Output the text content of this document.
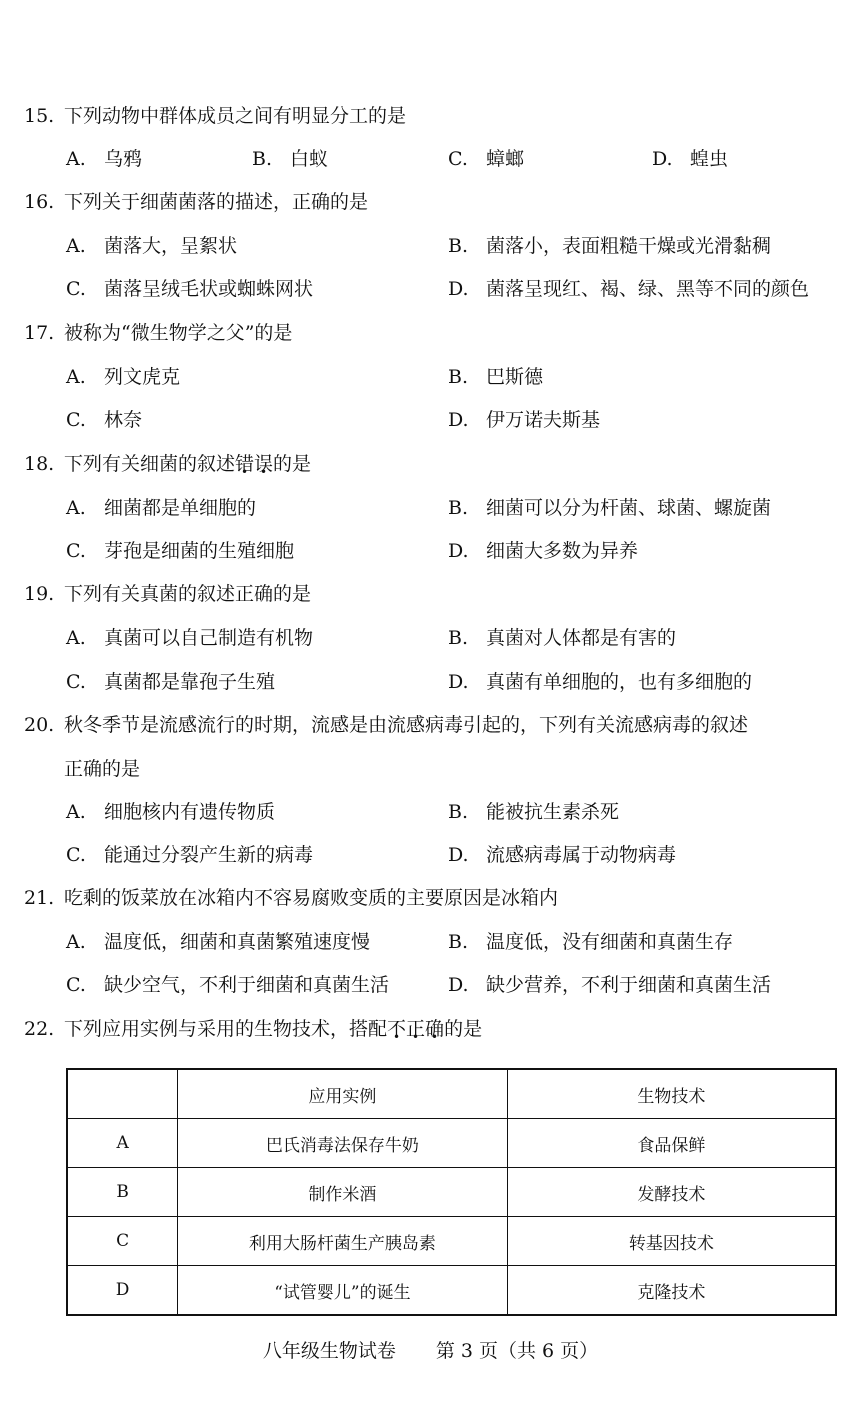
15. 下列动物中群体成员之间有明显分工的是
A. 乌鸦	B. 白蚁	C. 蟑螂	D. 蝗虫
16. 下列关于细菌菌落的描述，正确的是
A. 菌落大，呈絮状	B. 菌落小，表面粗糙干燥或光滑黏稠
C. 菌落呈绒毛状或蜘蛛网状	D. 菌落呈现红、褐、绿、黑等不同的颜色
17. 被称为“微生物学之父”的是
A. 列文虎克	B. 巴斯德
C. 林奈	D. 伊万诺夫斯基
18. 下列有关细菌的叙述错误的是
A. 细菌都是单细胞的	B. 细菌可以分为杆菌、球菌、螺旋菌
C. 芽孢是细菌的生殖细胞	D. 细菌大多数为异养
19. 下列有关真菌的叙述正确的是
A. 真菌可以自己制造有机物	B. 真菌对人体都是有害的
C. 真菌都是靠孢子生殖	D. 真菌有单细胞的，也有多细胞的
20. 秋冬季节是流感流行的时期，流感是由流感病毒引起的，下列有关流感病毒的叙述
正确的是
A. 细胞核内有遗传物质	B. 能被抗生素杀死
C. 能通过分裂产生新的病毒	D. 流感病毒属于动物病毒
21. 吃剩的饭菜放在冰箱内不容易腐败变质的主要原因是冰箱内
A. 温度低，细菌和真菌繁殖速度慢	B. 温度低，没有细菌和真菌生存
C. 缺少空气，不利于细菌和真菌生活	D. 缺少营养，不利于细菌和真菌生活
22. 下列应用实例与采用的生物技术，搭配不正确的是
	应用实例	生物技术
A	巴氏消毒法保存牛奶	食品保鲜
B	制作米酒	发酵技术
C	利用大肠杆菌生产胰岛素	转基因技术
D	“试管婴儿”的诞生	克隆技术
八年级生物试卷 第 3 页（共 6 页）
